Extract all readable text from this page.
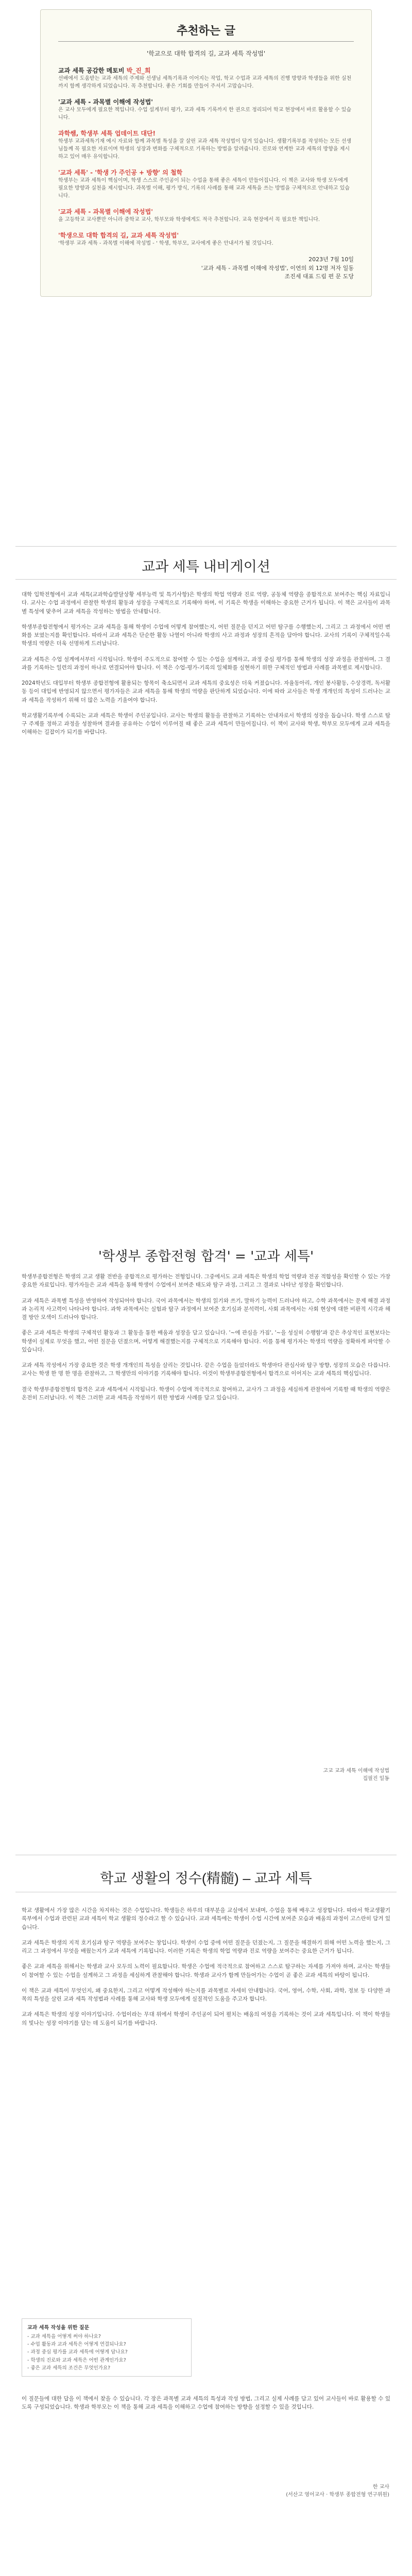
추천하는 글
'학교으로 대학 합격의 길, 교과 세특 작성법'
교과 세특 공감한 메토비 박_진_희
선배에서 도움받는 교과 세특의 주제와 선생님 세특기록과 이어지는 작업, 학교 수업과 교과 세특의 진행 방향과 학생들을 위한 실천까지 함께 생각하게 되었습니다. 꼭 추천합니다. 좋은 기회를 만들어 주셔서 고맙습니다.
'교과 세특 - 과목별 이해에 작성법'
은 교사 모두에게 필요한 책입니다. 수업 설계부터 평가, 교과 세특 기록까지 한 권으로 정리되어 학교 현장에서 바로 활용할 수 있습니다.
과학쌤, 학생부 세특 업데이트 대단!
학생부 교과세특기재 예시 자료와 함께 과목별 특성을 잘 살린 교과 세특 작성법이 담겨 있습니다. 생활기록부를 작성하는 모든 선생님들께 꼭 필요한 자료이며 학생의 성장과 변화를 구체적으로 기록하는 방법을 알려줍니다. 진로와 연계한 교과 세특의 방향을 제시하고 있어 매우 유익합니다.
'교과 세특' - '학생 가 주인공 + 방향' 의 철학
학생부는 교과 세특이 핵심이며, 학생 스스로 주인공이 되는 수업을 통해 좋은 세특이 만들어집니다. 이 책은 교사와 학생 모두에게 필요한 방향과 실천을 제시합니다. 과목별 이해, 평가 방식, 기록의 사례를 통해 교과 세특을 쓰는 방법을 구체적으로 안내하고 있습니다.
'교과 세특 - 과목별 이해에 작성법'
을 고등학교 교사뿐만 아니라 중학교 교사, 학부모와 학생에게도 적극 추천합니다. 교육 현장에서 꼭 필요한 책입니다.
'학생으로 대학 합격의 길, 교과 세특 작성법'
'학생부 교과 세특 - 과목별 이해에 작성법 - ' 학생, 학부모, 교사에게 좋은 안내서가 될 것입니다.
2023년 7월 10일
'교과 세특 - 과목별 이해에 작성법', 이연의 외 12명 저자 일동
조진세 대표 드림 편 문 도당
교과 세특 내비게이션

대학 입학전형에서 교과 세특(교과학습발달상황 세부능력 및 특기사항)은 학생의 학업 역량과 진로 역량, 공동체 역량을 종합적으로 보여주는 핵심 자료입니다. 교사는 수업 과정에서 관찰한 학생의 활동과 성장을 구체적으로 기록해야 하며, 이 기록은 학생을 이해하는 중요한 근거가 됩니다. 이 책은 교사들이 과목별 특성에 맞추어 교과 세특을 작성하는 방법을 안내합니다.

학생부종합전형에서 평가자는 교과 세특을 통해 학생이 수업에 어떻게 참여했는지, 어떤 질문을 던지고 어떤 탐구를 수행했는지, 그리고 그 과정에서 어떤 변화를 보였는지를 확인합니다. 따라서 교과 세특은 단순한 활동 나열이 아니라 학생의 사고 과정과 성장의 흔적을 담아야 합니다. 교사의 기록이 구체적일수록 학생의 역량은 더욱 선명하게 드러납니다.

교과 세특은 수업 설계에서부터 시작됩니다. 학생이 주도적으로 참여할 수 있는 수업을 설계하고, 과정 중심 평가를 통해 학생의 성장 과정을 관찰하며, 그 결과를 기록하는 일련의 과정이 하나로 연결되어야 합니다. 이 책은 수업-평가-기록의 일체화를 실현하기 위한 구체적인 방법과 사례를 과목별로 제시합니다.

2024학년도 대입부터 학생부 종합전형에 활용되는 항목이 축소되면서 교과 세특의 중요성은 더욱 커졌습니다. 자율동아리, 개인 봉사활동, 수상경력, 독서활동 등이 대입에 반영되지 않으면서 평가자들은 교과 세특을 통해 학생의 역량을 판단하게 되었습니다. 이에 따라 교사들은 학생 개개인의 특성이 드러나는 교과 세특을 작성하기 위해 더 많은 노력을 기울여야 합니다.

학교생활기록부에 수록되는 교과 세특은 학생이 주인공입니다. 교사는 학생의 활동을 관찰하고 기록하는 안내자로서 학생의 성장을 돕습니다. 학생 스스로 탐구 주제를 정하고 과정을 성찰하며 결과를 공유하는 수업이 이루어질 때 좋은 교과 세특이 만들어집니다. 이 책이 교사와 학생, 학부모 모두에게 교과 세특을 이해하는 길잡이가 되기를 바랍니다.

'학생부 종합전형 합격' = '교과 세특'

학생부종합전형은 학생의 고교 생활 전반을 종합적으로 평가하는 전형입니다. 그중에서도 교과 세특은 학생의 학업 역량과 전공 적합성을 확인할 수 있는 가장 중요한 자료입니다. 평가자들은 교과 세특을 통해 학생이 수업에서 보여준 태도와 탐구 과정, 그리고 그 결과로 나타난 성장을 확인합니다.

교과 세특은 과목별 특성을 반영하여 작성되어야 합니다. 국어 과목에서는 학생의 읽기와 쓰기, 말하기 능력이 드러나야 하고, 수학 과목에서는 문제 해결 과정과 논리적 사고력이 나타나야 합니다. 과학 과목에서는 실험과 탐구 과정에서 보여준 호기심과 분석력이, 사회 과목에서는 사회 현상에 대한 비판적 시각과 해결 방안 모색이 드러나야 합니다.

좋은 교과 세특은 학생의 구체적인 활동과 그 활동을 통한 배움과 성장을 담고 있습니다. '~에 관심을 가짐', '~을 성실히 수행함'과 같은 추상적인 표현보다는 학생이 실제로 무엇을 했고, 어떤 질문을 던졌으며, 어떻게 해결했는지를 구체적으로 기록해야 합니다. 이를 통해 평가자는 학생의 역량을 정확하게 파악할 수 있습니다.

교과 세특 작성에서 가장 중요한 것은 학생 개개인의 특성을 살리는 것입니다. 같은 수업을 들었더라도 학생마다 관심사와 탐구 방향, 성장의 모습은 다릅니다. 교사는 학생 한 명 한 명을 관찰하고, 그 학생만의 이야기를 기록해야 합니다. 이것이 학생부종합전형에서 합격으로 이어지는 교과 세특의 핵심입니다.

결국 학생부종합전형의 합격은 교과 세특에서 시작됩니다. 학생이 수업에 적극적으로 참여하고, 교사가 그 과정을 세심하게 관찰하여 기록할 때 학생의 역량은 온전히 드러납니다. 이 책은 그러한 교과 세특을 작성하기 위한 방법과 사례를 담고 있습니다.

고교 교과 세특 이해에 작성법
집필진 일동
학교 생활의 정수(精髓) – 교과 세특

학교 생활에서 가장 많은 시간을 차지하는 것은 수업입니다. 학생들은 하루의 대부분을 교실에서 보내며, 수업을 통해 배우고 성장합니다. 따라서 학교생활기록부에서 수업과 관련된 교과 세특이 학교 생활의 정수라고 할 수 있습니다. 교과 세특에는 학생이 수업 시간에 보여준 모습과 배움의 과정이 고스란히 담겨 있습니다.

교과 세특은 학생의 지적 호기심과 탐구 역량을 보여주는 창입니다. 학생이 수업 중에 어떤 질문을 던졌는지, 그 질문을 해결하기 위해 어떤 노력을 했는지, 그리고 그 과정에서 무엇을 배웠는지가 교과 세특에 기록됩니다. 이러한 기록은 학생의 학업 역량과 진로 역량을 보여주는 중요한 근거가 됩니다.

좋은 교과 세특을 위해서는 학생과 교사 모두의 노력이 필요합니다. 학생은 수업에 적극적으로 참여하고 스스로 탐구하는 자세를 가져야 하며, 교사는 학생들이 참여할 수 있는 수업을 설계하고 그 과정을 세심하게 관찰해야 합니다. 학생과 교사가 함께 만들어가는 수업이 곧 좋은 교과 세특의 바탕이 됩니다.

이 책은 교과 세특이 무엇인지, 왜 중요한지, 그리고 어떻게 작성해야 하는지를 과목별로 자세히 안내합니다. 국어, 영어, 수학, 사회, 과학, 정보 등 다양한 과목의 특성을 살린 교과 세특 작성법과 사례를 통해 교사와 학생 모두에게 실질적인 도움을 주고자 합니다.

교과 세특은 학생의 성장 이야기입니다. 수업이라는 무대 위에서 학생이 주인공이 되어 펼치는 배움의 여정을 기록하는 것이 교과 세특입니다. 이 책이 학생들의 빛나는 성장 이야기를 담는 데 도움이 되기를 바랍니다.

교과 세특 작성을 위한 질문
- 교과 세특을 어떻게 써야 하나요?
- 수업 활동과 교과 세특은 어떻게 연결되나요?
- 과정 중심 평가를 교과 세특에 어떻게 담나요?
- 학생의 진로와 교과 세특은 어떤 관계인가요?
- 좋은 교과 세특의 조건은 무엇인가요?

이 질문들에 대한 답을 이 책에서 찾을 수 있습니다. 각 장은 과목별 교과 세특의 특성과 작성 방법, 그리고 실제 사례를 담고 있어 교사들이 바로 활용할 수 있도록 구성되었습니다. 학생과 학부모는 이 책을 통해 교과 세특을 이해하고 수업에 참여하는 방향을 설정할 수 있을 것입니다.

한 교사
(서산고 영어교사 · 학생부 종합전형 연구위원)
